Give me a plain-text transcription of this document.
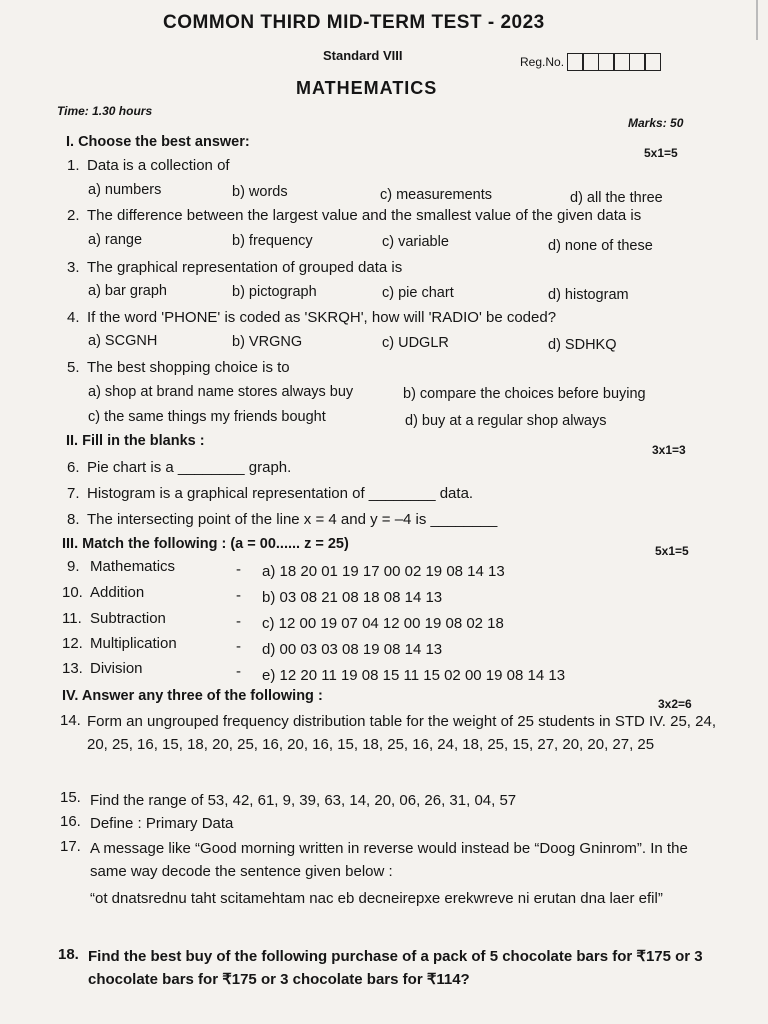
COMMON THIRD MID-TERM TEST - 2023
Standard VIII	Reg.No.
MATHEMATICS
Time: 1.30 hours
Marks: 50
I. Choose the best answer:
5x1=5
1. Data is a collection of
a) numbers	b) words	c) measurements	d) all the three
2. The difference between the largest value and the smallest value of the given data is
a) range	b) frequency	c) variable	d) none of these
3. The graphical representation of grouped data is
a) bar graph	b) pictograph	c) pie chart	d) histogram
4. If the word 'PHONE' is coded as 'SKRQH', how will 'RADIO' be coded?
a) SCGNH	b) VRGNG	c) UDGLR	d) SDHKQ
5. The best shopping choice is to
a) shop at brand name stores always buy	b) compare the choices before buying
c) the same things my friends bought	d) buy at a regular shop always
II. Fill in the blanks :
3x1=3
6. Pie chart is a ________ graph.
7. Histogram is a graphical representation of ________ data.
8. The intersecting point of the line x = 4 and y = –4 is ________
III. Match the following : (a = 00...... z = 25)	5x1=5
9. Mathematics	- a) 18 20 01 19 17 00 02 19 08 14 13
10. Addition	- b) 03 08 21 08 18 08 14 13
11. Subtraction	- c) 12 00 19 07 04 12 00 19 08 02 18
12. Multiplication	- d) 00 03 03 08 19 08 14 13
13. Division	- e) 12 20 11 19 08 15 11 15 02 00 19 08 14 13
IV. Answer any three of the following :	3x2=6
14. Form an ungrouped frequency distribution table for the weight of 25 students in STD IV. 25, 24, 20, 25, 16, 15, 18, 20, 25, 16, 20, 16, 15, 18, 25, 16, 24, 18, 25, 15, 27, 20, 20, 27, 25
15. Find the range of 53, 42, 61, 9, 39, 63, 14, 20, 06, 26, 31, 04, 57
16. Define : Primary Data
17. A message like “Good morning written in reverse would instead be “Doog Gninrom”. In the same way decode the sentence given below :
“ot dnatsrednu taht scitamehtam nac eb decneirepxe erekwreve ni erutan dna laer efil”
18. Find the best buy of the following purchase of a pack of 5 chocolate bars for ₹175 or 3 chocolate bars for ₹175 or 3 chocolate bars for ₹114?
